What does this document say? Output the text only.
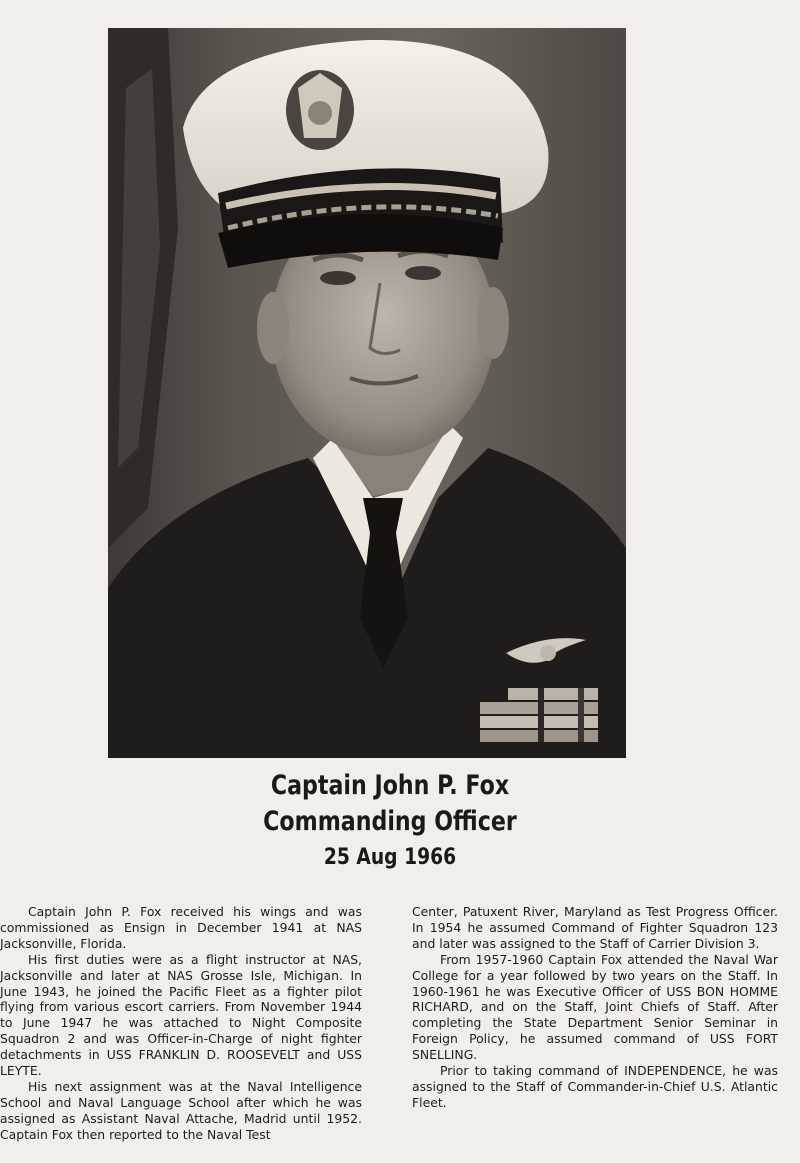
Captain John P. Fox
Commanding Officer
25 Aug 1966

Captain John P. Fox received his wings and was commissioned as Ensign in December 1941 at NAS Jacksonville, Florida.

His first duties were as a flight instructor at NAS, Jacksonville and later at NAS Grosse Isle, Michigan. In June 1943, he joined the Pacific Fleet as a fighter pilot flying from various escort carriers. From November 1944 to June 1947 he was attached to Night Composite Squadron 2 and was Officer-in-Charge of night fighter detachments in USS FRANKLIN D. ROOSEVELT and USS LEYTE.

His next assignment was at the Naval Intelligence School and Naval Language School after which he was assigned as Assistant Naval Attache, Madrid until 1952. Captain Fox then reported to the Naval Test

Center, Patuxent River, Maryland as Test Progress Officer. In 1954 he assumed Command of Fighter Squadron 123 and later was assigned to the Staff of Carrier Division 3.

From 1957-1960 Captain Fox attended the Naval War College for a year followed by two years on the Staff. In 1960-1961 he was Executive Officer of USS BON HOMME RICHARD, and on the Staff, Joint Chiefs of Staff. After completing the State Department Senior Seminar in Foreign Policy, he assumed command of USS FORT SNELLING.

Prior to taking command of INDEPENDENCE, he was assigned to the Staff of Commander-in-Chief U.S. Atlantic Fleet.
